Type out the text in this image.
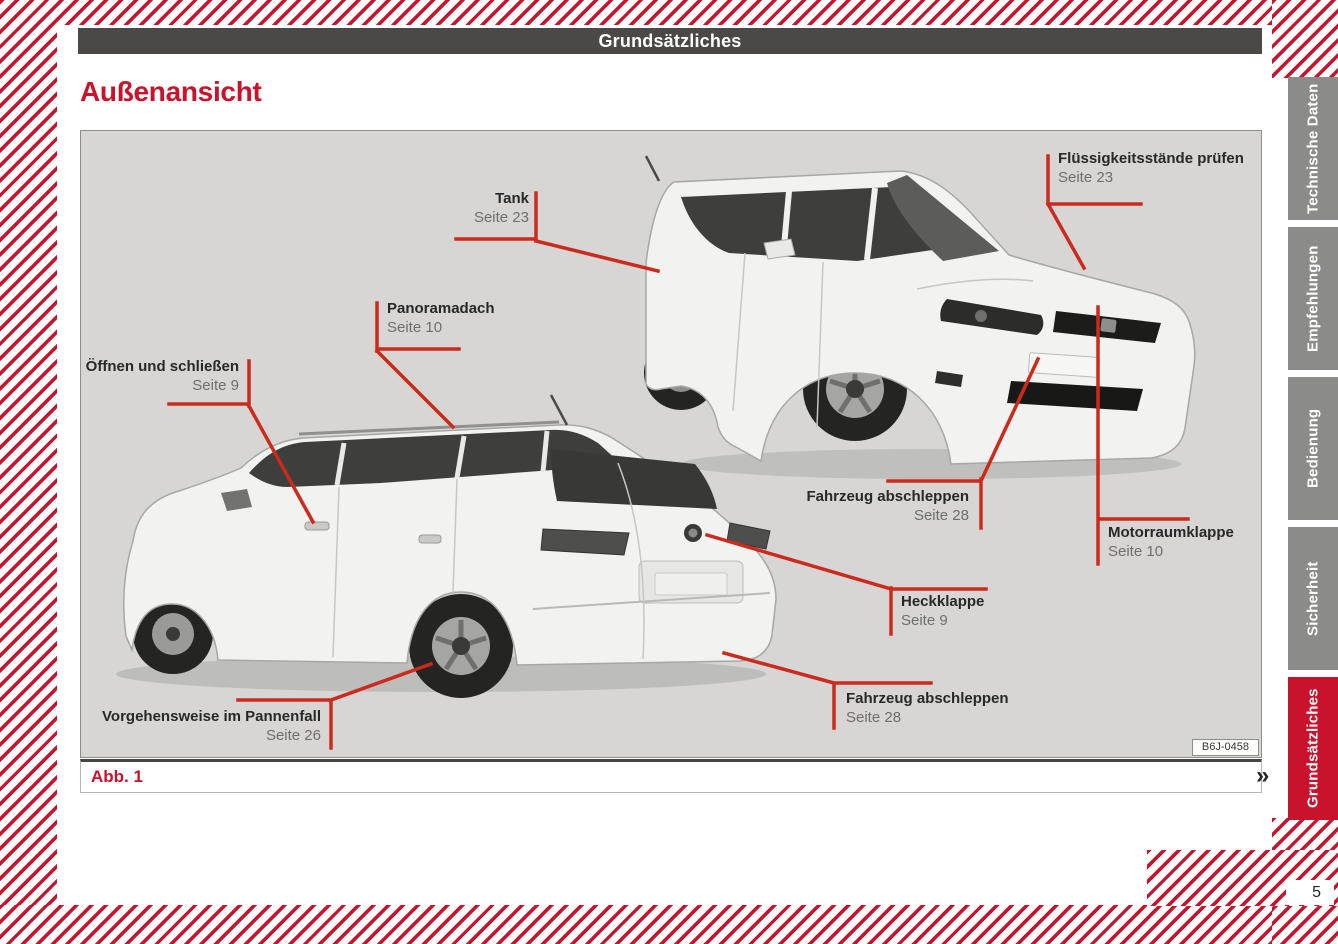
Grundsätzliches
Außenansicht
Tank
Seite 23
Flüssigkeitsstände prüfen
Seite 23
Panoramadach
Seite 10
Öffnen und schließen
Seite 9
Fahrzeug abschleppen
Seite 28
Motorraumklappe
Seite 10
Heckklappe
Seite 9
Fahrzeug abschleppen
Seite 28
Vorgehensweise im Pannenfall
Seite 26
B6J-0458
Abb. 1	»
Technische Daten
Empfehlungen
Bedienung
Sicherheit
Grundsätzliches
5
